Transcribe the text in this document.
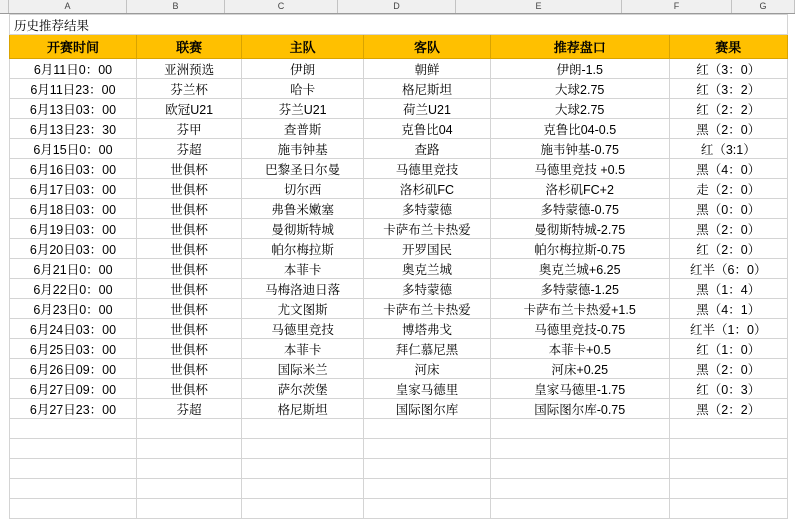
A	B	C	D	E	F	G
历史推荐结果					
开赛时间	联赛	主队	客队	推荐盘口	赛果
6月11日0：00	亚洲预选	伊朗	朝鲜	伊朗-1.5	红（3：0）
6月11日23：00	芬兰杯	哈卡	格尼斯坦	大球2.75	红（3：2）
6月13日03：00	欧冠U21	芬兰U21	荷兰U21	大球2.75	红（2：2）
6月13日23：30	芬甲	查普斯	克鲁比04	克鲁比04-0.5	黑（2：0）
6月15日0：00	芬超	施韦钟基	查路	施韦钟基-0.75	红（3:1）
6月16日03：00	世俱杯	巴黎圣日尔曼	马德里竞技	马德里竞技 +0.5	黑（4：0）
6月17日03：00	世俱杯	切尔西	洛杉矶FC	洛杉矶FC+2	走（2：0）
6月18日03：00	世俱杯	弗鲁米嫩塞	多特蒙德	多特蒙德-0.75	黑（0：0）
6月19日03：00	世俱杯	曼彻斯特城	卡萨布兰卡热爱	曼彻斯特城-2.75	黑（2：0）
6月20日03：00	世俱杯	帕尔梅拉斯	开罗国民	帕尔梅拉斯-0.75	红（2：0）
6月21日0：00	世俱杯	本菲卡	奥克兰城	奥克兰城+6.25	红半（6：0）
6月22日0：00	世俱杯	马梅洛迪日落	多特蒙德	多特蒙德-1.25	黑（1：4）
6月23日0：00	世俱杯	尤文图斯	卡萨布兰卡热爱	卡萨布兰卡热爱+1.5	黑（4：1）
6月24日03：00	世俱杯	马德里竞技	博塔弗戈	马德里竞技-0.75	红半（1：0）
6月25日03：00	世俱杯	本菲卡	拜仁慕尼黑	本菲卡+0.5	红（1：0）
6月26日09：00	世俱杯	国际米兰	河床	河床+0.25	黑（2：0）
6月27日09：00	世俱杯	萨尔茨堡	皇家马德里	皇家马德里-1.75	红（0：3）
6月27日23：00	芬超	格尼斯坦	国际图尔库	国际图尔库-0.75	黑（2：2）
